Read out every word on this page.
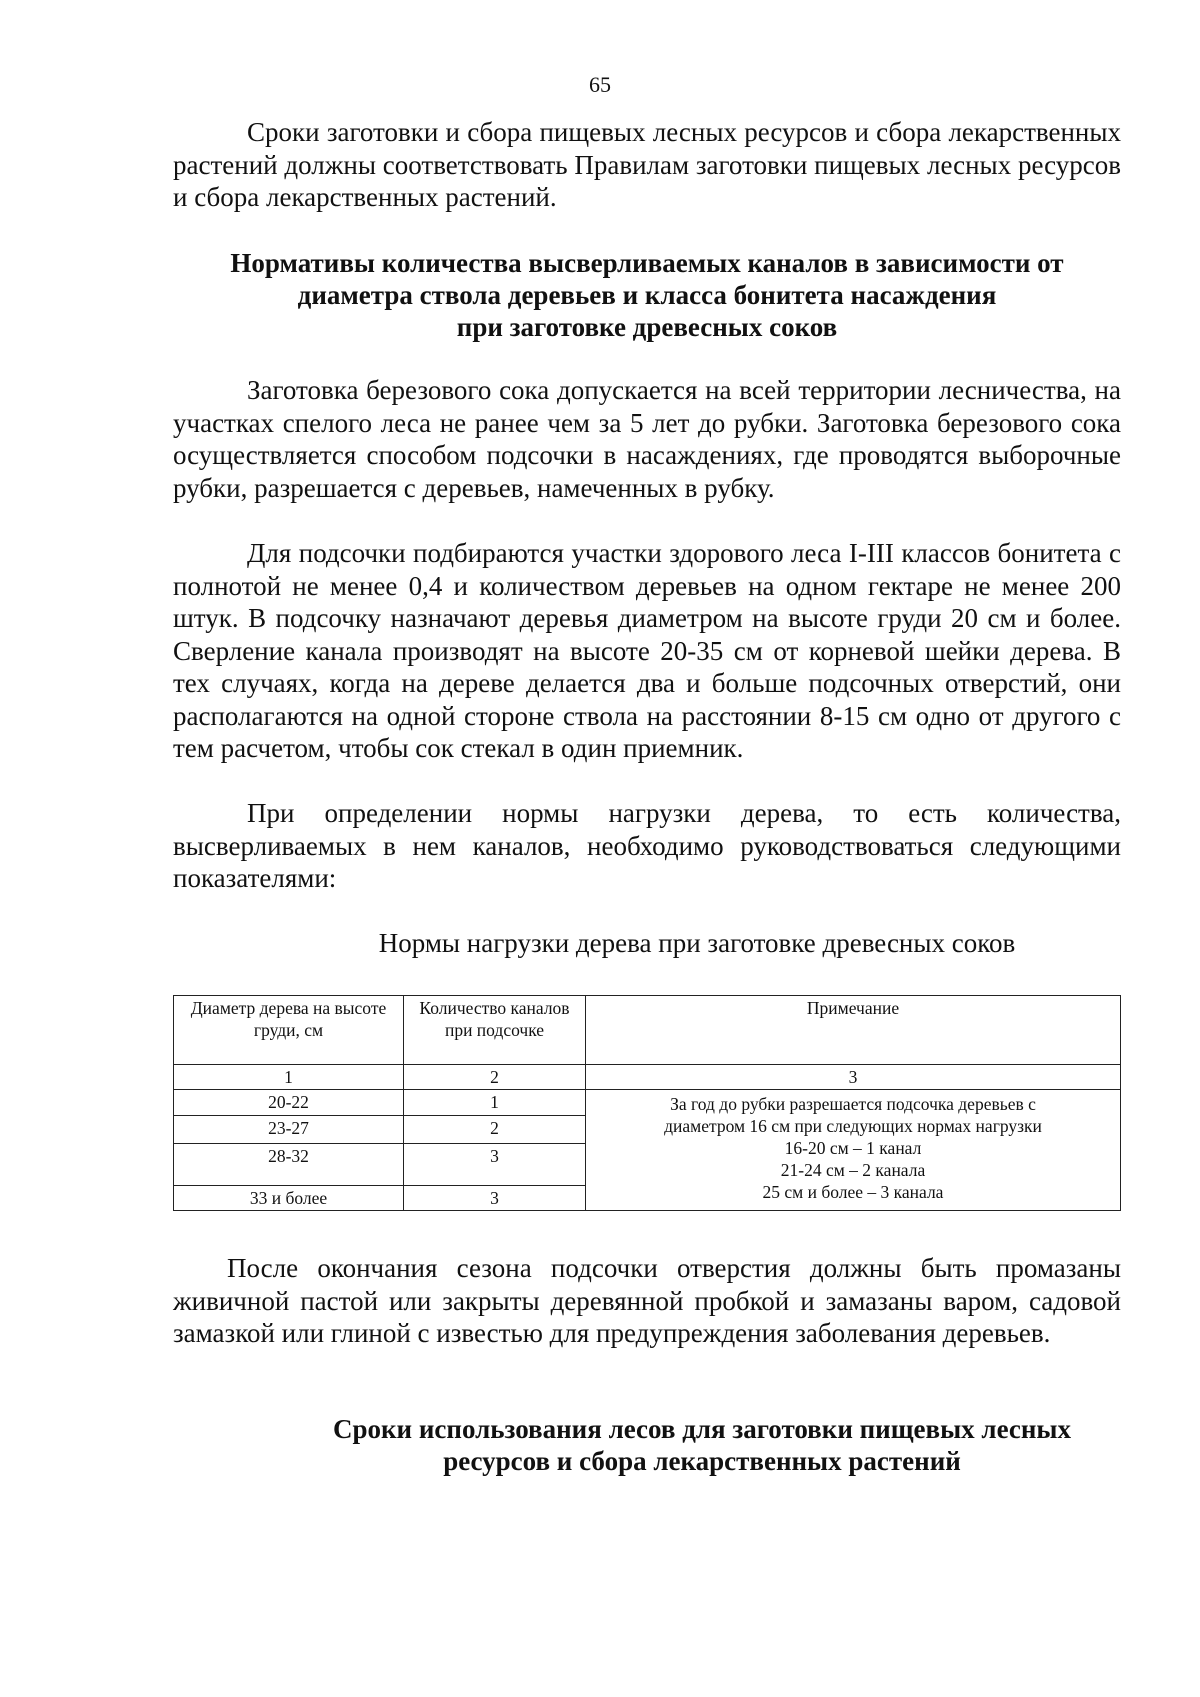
65

Сроки заготовки и сбора пищевых лесных ресурсов и сбора лекарственных растений должны соответствовать Правилам заготовки пищевых лесных ресурсов и сбора лекарственных растений.

Нормативы количества высверливаемых каналов в зависимости от
диаметра ствола деревьев и класса бонитета насаждения
при заготовке древесных соков

Заготовка березового сока допускается на всей территории лесничества, на участках спелого леса не ранее чем за 5 лет до рубки. Заготовка березового сока осуществляется способом подсочки в насаждениях, где проводятся выборочные рубки, разрешается с деревьев, намеченных в рубку.

Для подсочки подбираются участки здорового леса I-III классов бонитета с полнотой не менее 0,4 и количеством деревьев на одном гектаре не менее 200 штук. В подсочку назначают деревья диаметром на высоте груди 20 см и более. Сверление канала производят на высоте 20-35 см от корневой шейки дерева. В тех случаях, когда на дереве делается два и больше подсочных отверстий, они располагаются на одной стороне ствола на расстоянии 8-15 см одно от другого с тем расчетом, чтобы сок стекал в один приемник.

При определении нормы нагрузки дерева, то есть количества, высверливаемых в нем каналов, необходимо руководствоваться следующими показателями:

Нормы нагрузки дерева при заготовке древесных соков
Диаметр дерева на высоте груди, см	Количество каналов при подсочке	Примечание
1	2	3
20-22	1	За год до рубки разрешается подсочка деревьев с
диаметром 16 см при следующих нормах нагрузки
16-20 см – 1 канал
21-24 см – 2 канала
25 см и более – 3 канала

23-27	2	
28-32	3	
33 и более	3	

После окончания сезона подсочки отверстия должны быть промазаны живичной пастой или закрыты деревянной пробкой и замазаны варом, садовой замазкой или глиной с известью для предупреждения заболевания деревьев.

Сроки использования лесов для заготовки пищевых лесных
ресурсов и сбора лекарственных растений
